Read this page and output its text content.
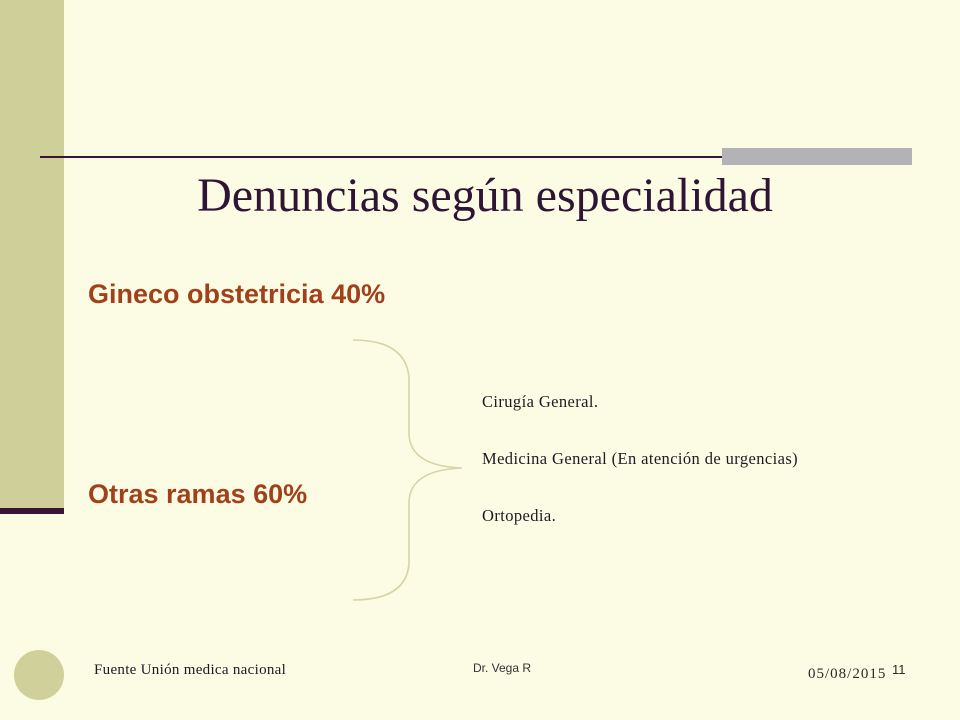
Denuncias según especialidad

Gineco obstetricia 40%

Otras ramas 60%

Cirugía General.
Medicina General (En atención de urgencias)
Ortopedia.
Fuente Unión medica nacional	Dr. Vega R	05/08/2015 11
